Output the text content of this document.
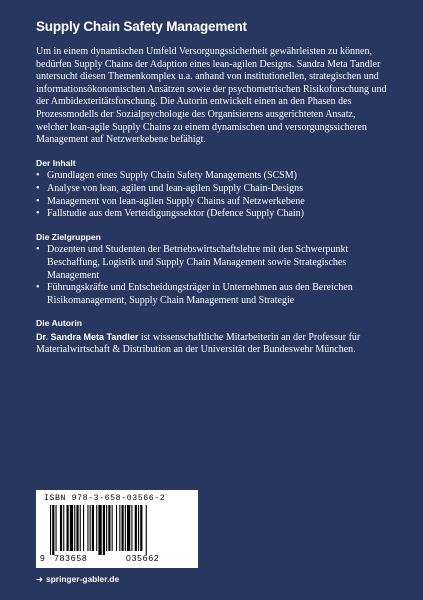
Supply Chain Safety Management

Um in einem dynamischen Umfeld Versorgungssicherheit gewährleisten zu können, bedürfen Supply Chains der Adaption eines lean-agilen Designs. Sandra Meta Tandler untersucht diesen Themenkomplex u.a. anhand von institutionellen, strategischen und informationsökonomischen Ansätzen sowie der psychometrischen Risikoforschung und der Ambidexteritätsforschung. Die Autorin entwickelt einen an den Phasen des Prozessmodells der Sozialpsychologie des Organisierens ausgerichteten Ansatz, welcher lean-agile Supply Chains zu einem dynamischen und versorgungssicheren Management auf Netzwerkebene befähigt.

Der Inhalt
• Grundlagen eines Supply Chain Safety Managements (SCSM)
• Analyse von lean, agilen und lean-agilen Supply Chain-Designs
• Management von lean-agilen Supply Chains auf Netzwerkebene
• Fallstudie aus dem Verteidigungssektor (Defence Supply Chain)
Die Zielgruppen
• Dozenten und Studenten der Betriebswirtschaftslehre mit den Schwerpunkt Beschaffung, Logistik und Supply Chain Management sowie Strategisches Management
• Führungskräfte und Entscheidungsträger in Unternehmen aus den Bereichen Risikomanagement, Supply Chain Management und Strategie
Die Autorin

Dr. Sandra Meta Tandler ist wissenschaftliche Mitarbeiterin an der Professur für Materialwirtschaft & Distribution an der Universität der Bundeswehr München.

ISBN 978-3-658-03566-2
9 783658	035662
➜ springer-gabler.de
